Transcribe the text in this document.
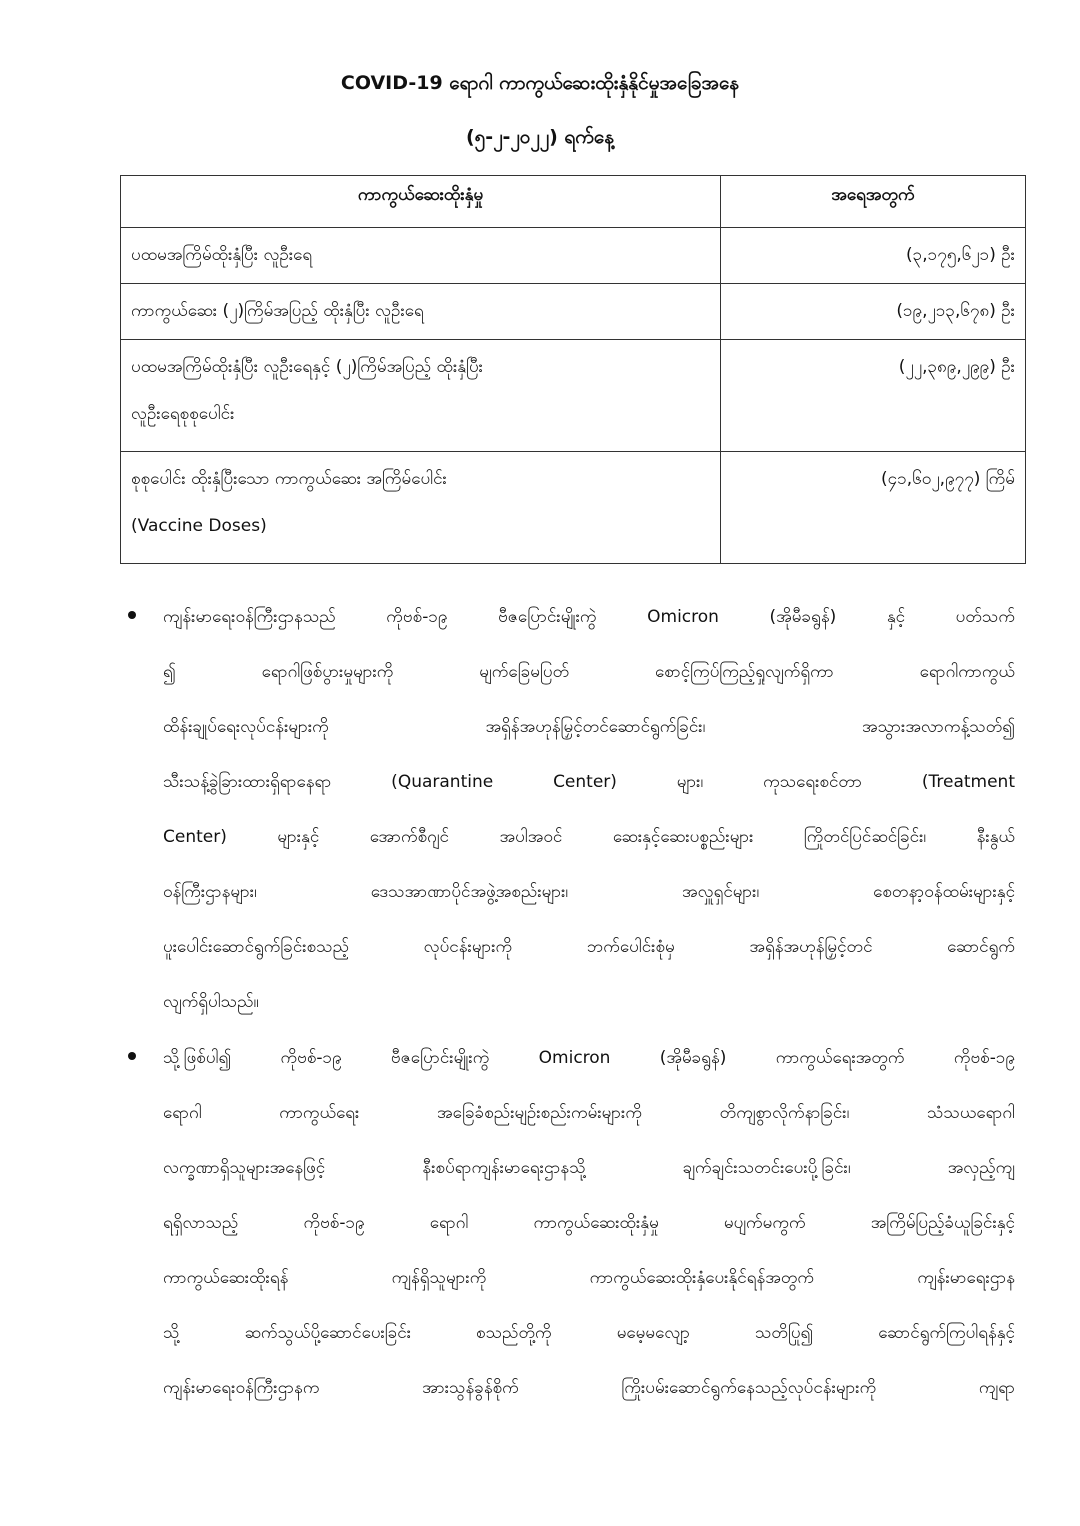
COVID-19 ရောဂါ ကာကွယ်ဆေးထိုးနှံနိုင်မှုအခြေအနေ
(၅-၂-၂၀၂၂) ရက်နေ့
ကာကွယ်ဆေးထိုးနှံမှု	အရေအတွက်

ပထမအကြိမ်ထိုးနှံပြီး လူဦးရေ	(၃,၁၇၅,၆၂၁) ဦး

ကာကွယ်ဆေး (၂)ကြိမ်အပြည့် ထိုးနှံပြီး လူဦးရေ	(၁၉,၂၁၃,၆၇၈) ဦး

ပထမအကြိမ်ထိုးနှံပြီး လူဦးရေနှင့် (၂)ကြိမ်အပြည့် ထိုးနှံပြီး
လူဦးရေစုစုပေါင်း	(၂၂,၃၈၉,၂၉၉) ဦး

စုစုပေါင်း ထိုးနှံပြီးသော ကာကွယ်ဆေး အကြိမ်ပေါင်း
(Vaccine Doses)	(၄၁,၆၀၂,၉၇၇) ကြိမ်
ကျန်းမာရေးဝန်ကြီးဌာနသည် ကိုဗစ်-၁၉ ဗီဇပြောင်းမျိုးကွဲ Omicron (အိုမီခရွန်) နှင့် ပတ်သက်
၍ ရောဂါဖြစ်ပွားမှုများကို မျက်ခြေမပြတ် စောင့်ကြပ်ကြည့်ရှုလျက်ရှိကာ ရောဂါကာကွယ်
ထိန်းချုပ်ရေးလုပ်ငန်းများကို အရှိန်အဟုန်မြှင့်တင်ဆောင်ရွက်ခြင်း၊ အသွားအလာကန့်သတ်၍
သီးသန့်ခွဲခြားထားရှိရာနေရာ (Quarantine Center) များ၊ ကုသရေးစင်တာ (Treatment
Center) များနှင့် အောက်စီဂျင် အပါအဝင် ဆေးနှင့်ဆေးပစ္စည်းများ ကြိုတင်ပြင်ဆင်ခြင်း၊ နီးနွယ်
ဝန်ကြီးဌာနများ၊ ဒေသအာဏာပိုင်အဖွဲ့အစည်းများ၊ အလှူရှင်များ၊ စေတနာ့ဝန်ထမ်းများနှင့်
ပူးပေါင်းဆောင်ရွက်ခြင်းစသည့် လုပ်ငန်းများကို ဘက်ပေါင်းစုံမှ အရှိန်အဟုန်မြှင့်တင် ဆောင်ရွက်
လျက်ရှိပါသည်။
သို့ဖြစ်ပါ၍ ကိုဗစ်-၁၉ ဗီဇပြောင်းမျိုးကွဲ Omicron (အိုမီခရွန်) ကာကွယ်ရေးအတွက် ကိုဗစ်-၁၉
ရောဂါ ကာကွယ်ရေး အခြေခံစည်းမျဉ်းစည်းကမ်းများကို တိကျစွာလိုက်နာခြင်း၊ သံသယရောဂါ
လက္ခဏာရှိသူများအနေဖြင့် နီးစပ်ရာကျန်းမာရေးဌာနသို့ ချက်ချင်းသတင်းပေးပို့ခြင်း၊ အလှည့်ကျ
ရရှိလာသည့် ကိုဗစ်-၁၉ ရောဂါ ကာကွယ်ဆေးထိုးနှံမှု မပျက်မကွက် အကြိမ်ပြည့်ခံယူခြင်းနှင့်
ကာကွယ်ဆေးထိုးရန် ကျန်ရှိသူများကို ကာကွယ်ဆေးထိုးနှံပေးနိုင်ရန်အတွက် ကျန်းမာရေးဌာန
သို့ ဆက်သွယ်ပို့ဆောင်ပေးခြင်း စသည်တို့ကို မမေ့မလျော့ သတိပြု၍ ဆောင်ရွက်ကြပါရန်နှင့်
ကျန်းမာရေးဝန်ကြီးဌာနက အားသွန်ခွန်စိုက် ကြိုးပမ်းဆောင်ရွက်နေသည့်လုပ်ငန်းများကို ကျရာ
